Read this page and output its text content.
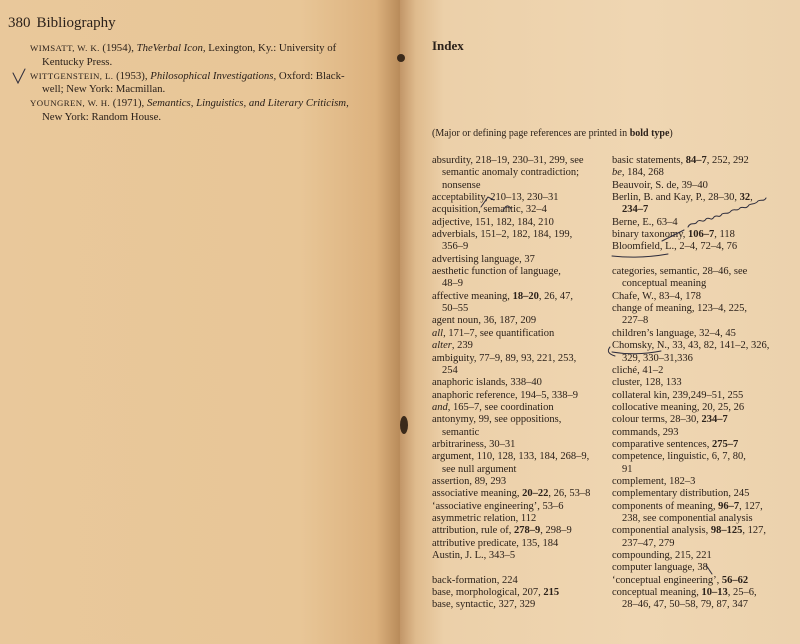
380 Bibliography
WIMSATT, W. K. (1954), TheVerbal Icon, Lexington, Ky.: University of
Kentucky Press.
WITTGENSTEIN, L. (1953), Philosophical Investigations, Oxford: Black-
well; New York: Macmillan.
YOUNGREN, W. H. (1971), Semantics, Linguistics, and Literary Criticism,
New York: Random House.
Index
(Major or defining page references are printed in bold type)
absurdity, 218–19, 230–31, 299, see
semantic anomaly contradiction;
nonsense
acceptability, 210–13, 230–31
acquisition, semantic, 32–4
adjective, 151, 182, 184, 210
adverbials, 151–2, 182, 184, 199,
356–9
advertising language, 37
aesthetic function of language,
48–9
affective meaning, 18–20, 26, 47,
50–55
agent noun, 36, 187, 209
all, 171–7, see quantification
alter, 239
ambiguity, 77–9, 89, 93, 221, 253,
254
anaphoric islands, 338–40
anaphoric reference, 194–5, 338–9
and, 165–7, see coordination
antonymy, 99, see oppositions,
semantic
arbitrariness, 30–31
argument, 110, 128, 133, 184, 268–9,
see null argument
assertion, 89, 293
associative meaning, 20–22, 26, 53–8
‘associative engineering’, 53–6
asymmetric relation, 112
attribution, rule of, 278–9, 298–9
attributive predicate, 135, 184
Austin, J. L., 343–5
back-formation, 224
base, morphological, 207, 215
base, syntactic, 327, 329
basic statements, 84–7, 252, 292
be, 184, 268
Beauvoir, S. de, 39–40
Berlin, B. and Kay, P., 28–30, 32,
234–7
Berne, E., 63–4
binary taxonomy, 106–7, 118
Bloomfield, L., 2–4, 72–4, 76
categories, semantic, 28–46, see
conceptual meaning
Chafe, W., 83–4, 178
change of meaning, 123–4, 225,
227–8
children’s language, 32–4, 45
Chomsky, N., 33, 43, 82, 141–2, 326,
329, 330–31,336
cliché, 41–2
cluster, 128, 133
collateral kin, 239,249–51, 255
collocative meaning, 20, 25, 26
colour terms, 28–30, 234–7
commands, 293
comparative sentences, 275–7
competence, linguistic, 6, 7, 80,
91
complement, 182–3
complementary distribution, 245
components of meaning, 96–7, 127,
238, see componential analysis
componential analysis, 98–125, 127,
237–47, 279
compounding, 215, 221
computer language, 38
‘conceptual engineering’, 56–62
conceptual meaning, 10–13, 25–6,
28–46, 47, 50–58, 79, 87, 347
